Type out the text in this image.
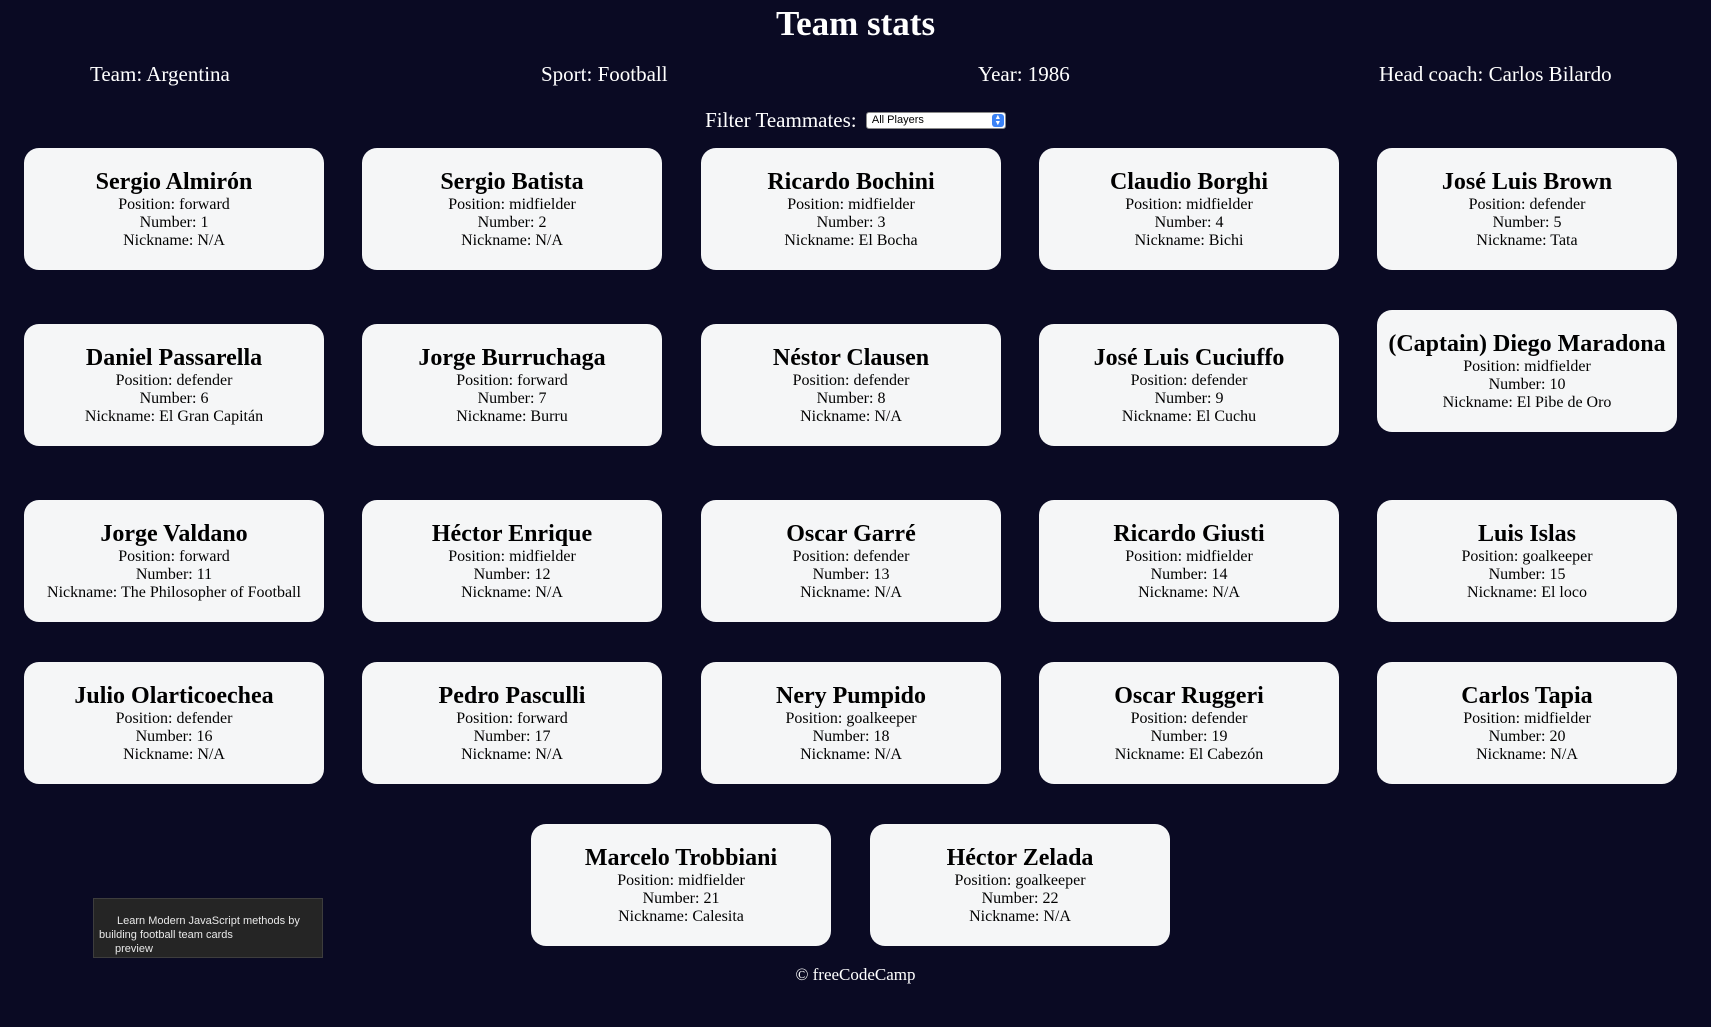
Team stats
Team: Argentina	Sport: Football	Year: 1986	Head coach: Carlos Bilardo
Filter Teammates: All Players	▲
▼

Sergio Almirón

Position: forward

Number: 1

Nickname: N/A

Sergio Batista

Position: midfielder

Number: 2

Nickname: N/A

Ricardo Bochini

Position: midfielder

Number: 3

Nickname: El Bocha

Claudio Borghi

Position: midfielder

Number: 4

Nickname: Bichi

José Luis Brown

Position: defender

Number: 5

Nickname: Tata

Daniel Passarella

Position: defender

Number: 6

Nickname: El Gran Capitán

Jorge Burruchaga

Position: forward

Number: 7

Nickname: Burru

Néstor Clausen

Position: defender

Number: 8

Nickname: N/A

José Luis Cuciuffo

Position: defender

Number: 9

Nickname: El Cuchu

(Captain) Diego Maradona

Position: midfielder

Number: 10

Nickname: El Pibe de Oro

Jorge Valdano

Position: forward

Number: 11

Nickname: The Philosopher of Football

Héctor Enrique

Position: midfielder

Number: 12

Nickname: N/A

Oscar Garré

Position: defender

Number: 13

Nickname: N/A

Ricardo Giusti

Position: midfielder

Number: 14

Nickname: N/A

Luis Islas

Position: goalkeeper

Number: 15

Nickname: El loco

Julio Olarticoechea

Position: defender

Number: 16

Nickname: N/A

Pedro Pasculli

Position: forward

Number: 17

Nickname: N/A

Nery Pumpido

Position: goalkeeper

Number: 18

Nickname: N/A

Oscar Ruggeri

Position: defender

Number: 19

Nickname: El Cabezón

Carlos Tapia

Position: midfielder

Number: 20

Nickname: N/A

Marcelo Trobbiani

Position: midfielder

Number: 21

Nickname: Calesita

Héctor Zelada

Position: goalkeeper

Number: 22

Nickname: N/A

Learn Modern JavaScript methods by building football team cards
preview
© freeCodeCamp
